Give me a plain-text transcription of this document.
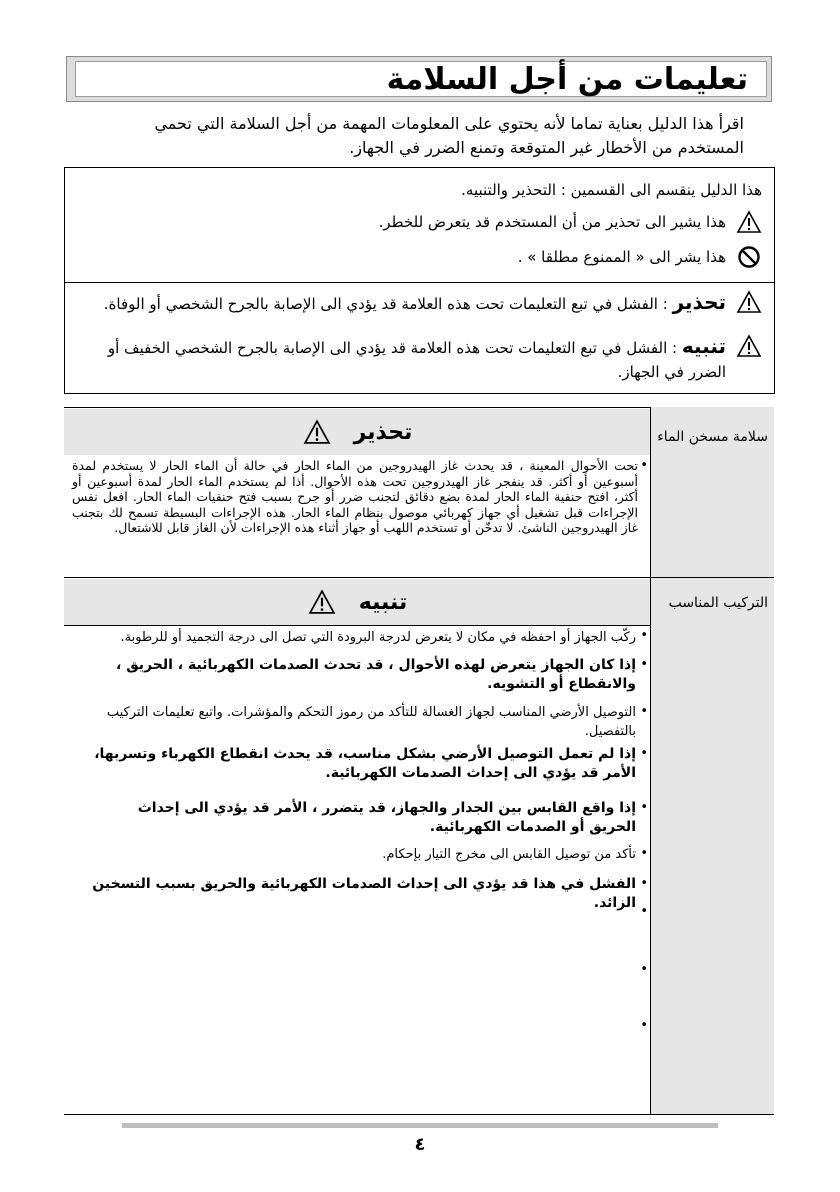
تعليمات من أجل السلامة
اقرأ هذا الدليل بعناية تماما لأنه يحتوي على المعلومات المهمة من أجل السلامة التي تحمي المستخدم من الأخطار غير المتوقعة وتمنع الضرر في الجهاز.
هذا الدليل ينقسم الى القسمين : التحذير والتنبيه.
هذا يشير الى تحذير من أن المستخدم قد يتعرض للخطر.
هذا يشر الى « الممنوع مطلقا » .
تحذير : الفشل في تبع التعليمات تحت هذه العلامة قد يؤدي الى الإصابة بالجرح الشخصي أو الوفاة.
تنبيه : الفشل في تبع التعليمات تحت هذه العلامة قد يؤدي الى الإصابة بالجرح الشخصي الخفيف أو الضرر في الجهاز.
سلامة مسخن الماء
التركيب المناسب
تحذير
•
تحت الأحوال المعينة ، قد يحدث غاز الهيدروجين من الماء الحار في حالة أن الماء الحار لا يستخدم لمدة أسبوعين أو أكثر. قد ينفجر غاز الهيدروجين تحت هذه الأحوال. أذا لم يستخدم الماء الحار لمدة أسبوعين أو أكثر، افتح حنفية الماء الحار لمدة بضع دقائق لتجنب ضرر أو جرح بسبب فتح حنفيات الماء الحار. افعل نفس الإجراءات قبل تشغيل أي جهاز كهربائي موصول بنظام الماء الحار. هذه الإجراءات البسيطة تسمح لك بتجنب غاز الهيدروجين الناشئ. لا تدخّن أو تستخدم اللهب أو جهاز أثناء هذه الإجراءات لأن الغاز قابل للاشتعال.
تنبيه
•
ركّب الجهاز أو احفظه في مكان لا يتعرض لدرجة البرودة التي تصل الى درجة التجميد أو للرطوبة.
•
إذا كان الجهاز يتعرض لهذه الأحوال ، قد تحدث الصدمات الكهربائية ، الحريق ، والانقطاع أو التشويه.
•
التوصيل الأرضي المناسب لجهاز الغسالة للتأكد من رموز التحكم والمؤشرات. واتبع تعليمات التركيب بالتفصيل.
•
إذا لم تعمل التوصيل الأرضي بشكل مناسب، قد يحدث انقطاع الكهرباء وتسربها، الأمر قد يؤدي الى إحداث الصدمات الكهربائية.
•
إذا واقع القابس بين الجدار والجهاز، قد يتضرر ، الأمر قد يؤدي الى إحداث الحريق أو الصدمات الكهربائية.
•
تأكد من توصيل القابس الى مخرج التيار بإحكام.
•
الفشل في هذا قد يؤدي الى إحداث الصدمات الكهربائية والحريق بسبب التسخين الزائد.
•
•
•
٤
